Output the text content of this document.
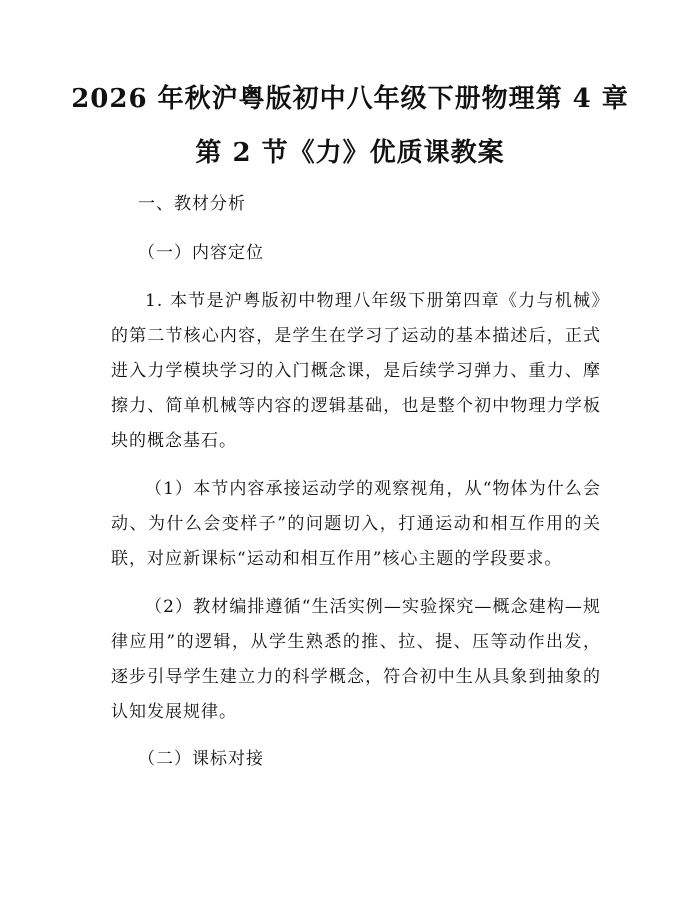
2026 年秋沪粤版初中八年级下册物理第 4 章
第 2 节《力》优质课教案
一、教材分析
（一）内容定位
1. 本节是沪粤版初中物理八年级下册第四章《力与机械》的第二节核心内容，是学生在学习了运动的基本描述后，正式进入力学模块学习的入门概念课，是后续学习弹力、重力、摩擦力、简单机械等内容的逻辑基础，也是整个初中物理力学板块的概念基石。
（1）本节内容承接运动学的观察视角，从“物体为什么会动、为什么会变样子”的问题切入，打通运动和相互作用的关联，对应新课标“运动和相互作用”核心主题的学段要求。
（2）教材编排遵循“生活实例—实验探究—概念建构—规律应用”的逻辑，从学生熟悉的推、拉、提、压等动作出发，逐步引导学生建立力的科学概念，符合初中生从具象到抽象的认知发展规律。
（二）课标对接
